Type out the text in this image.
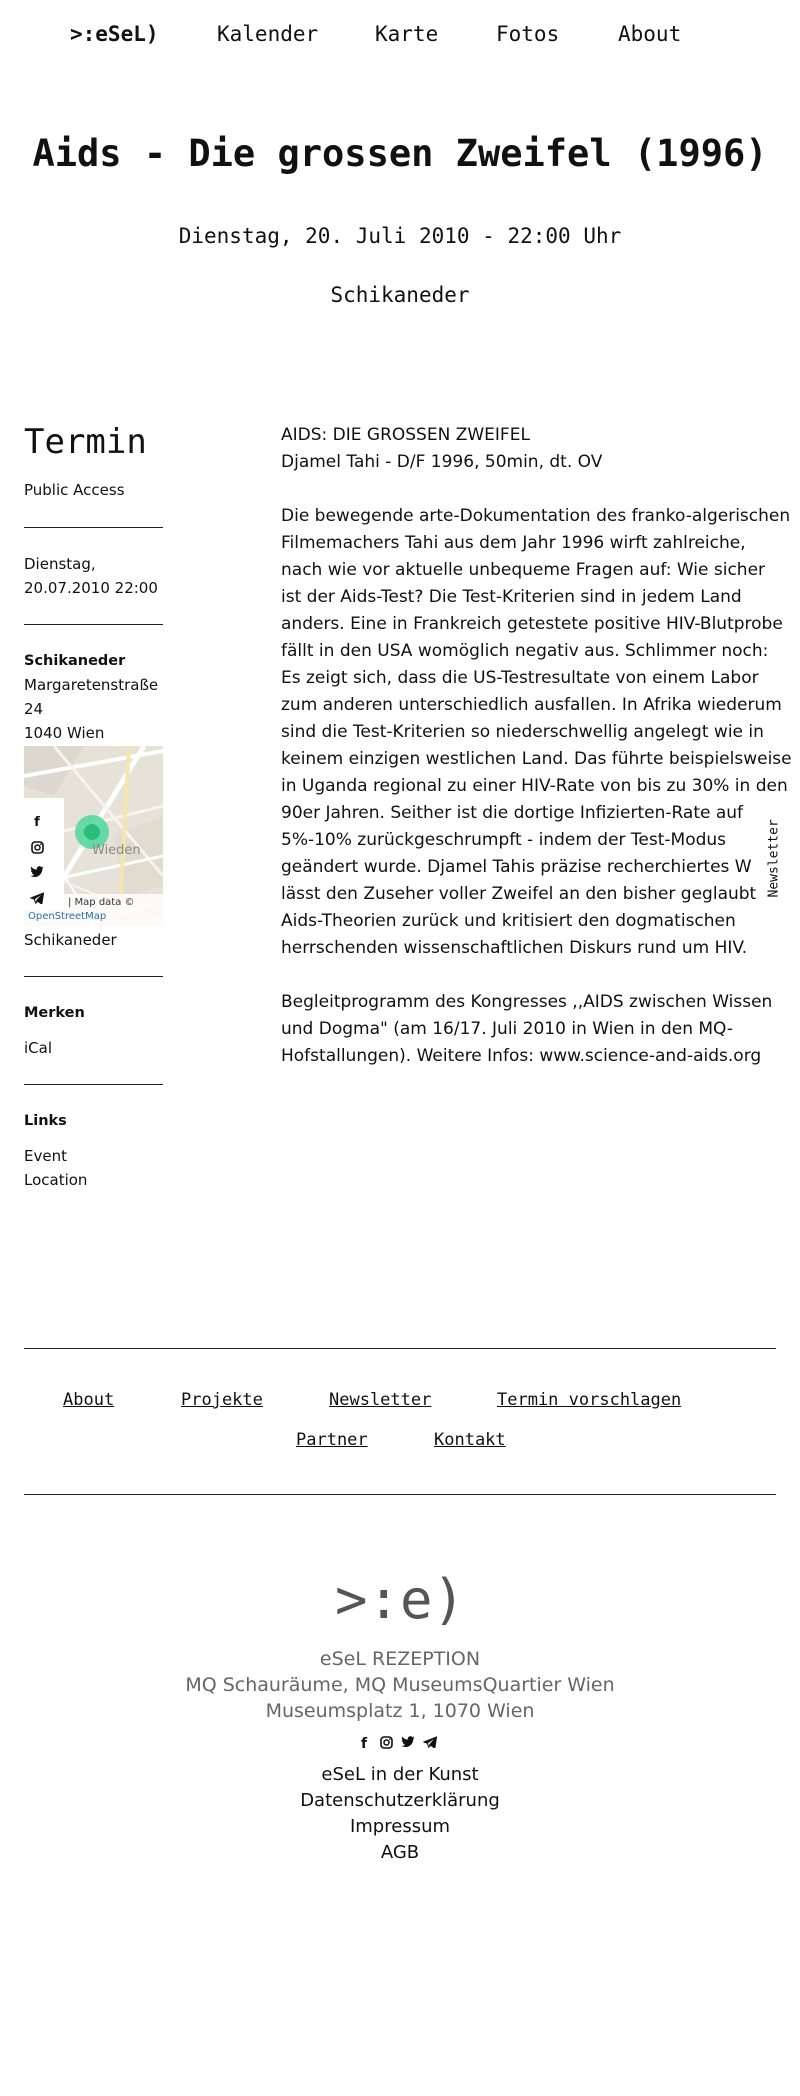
>:eSeL)	Kalender	Karte	Fotos	About
Aids - Die grossen Zweifel (1996)
Dienstag, 20. Juli 2010 - 22:00 Uhr
Schikaneder
Termin
Public Access
Dienstag,
20.07.2010 22:00
Schikaneder
Margaretenstraße
24
1040 Wien
Wieden
| Map data ©
OpenStreetMap
Schikaneder
Merken
iCal
Links
Event
Location
f

AIDS: DIE GROSSEN ZWEIFEL

Djamel Tahi - D/F 1996, 50min, dt. OV

Die bewegende arte-Dokumentation des franko-algerischen

Filmemachers Tahi aus dem Jahr 1996 wirft zahlreiche,

nach wie vor aktuelle unbequeme Fragen auf: Wie sicher

ist der Aids-Test? Die Test-Kriterien sind in jedem Land

anders. Eine in Frankreich getestete positive HIV-Blutprobe

fällt in den USA womöglich negativ aus. Schlimmer noch:

Es zeigt sich, dass die US-Testresultate von einem Labor

zum anderen unterschiedlich ausfallen. In Afrika wiederum

sind die Test-Kriterien so niederschwellig angelegt wie in

keinem einzigen westlichen Land. Das führte beispielsweise

in Uganda regional zu einer HIV-Rate von bis zu 30% in den

90er Jahren. Seither ist die dortige Infizierten-Rate auf

5%-10% zurückgeschrumpft - indem der Test-Modus

geändert wurde. Djamel Tahis präzise recherchiertes W

lässt den Zuseher voller Zweifel an den bisher geglaubt

Aids-Theorien zurück und kritisiert den dogmatischen

herrschenden wissenschaftlichen Diskurs rund um HIV.

Begleitprogramm des Kongresses ,,AIDS zwischen Wissen

und Dogma" (am 16/17. Juli 2010 in Wien in den MQ-

Hofstallungen). Weitere Infos: www.science-and-aids.org

Newsletter
About	Projekte	Newsletter	Termin vorschlagen
Partner	Kontakt
>:e)
eSeL REZEPTION
MQ Schauräume, MQ MuseumsQuartier Wien
Museumsplatz 1, 1070 Wien
f
eSeL in der Kunst
Datenschutzerklärung
Impressum
AGB
